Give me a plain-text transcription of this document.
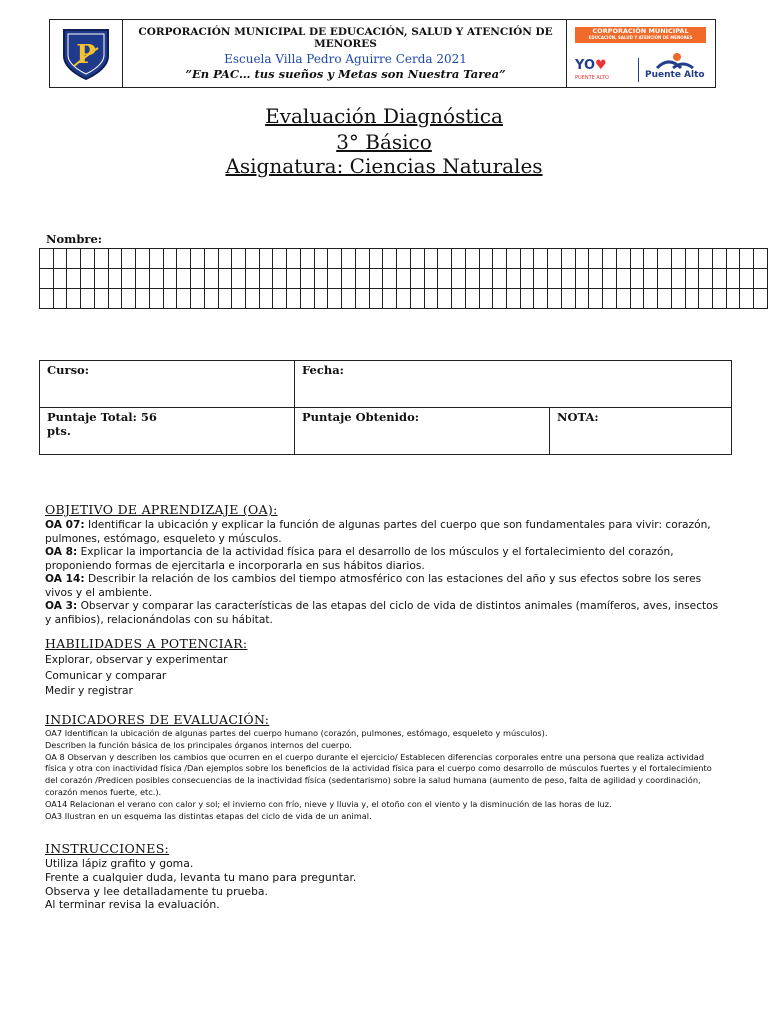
P
CORPORACIÓN MUNICIPAL DE EDUCACIÓN, SALUD Y ATENCIÓN DE MENORES
Escuela Villa Pedro Aguirre Cerda 2021
”En PAC… tus sueños y Metas son Nuestra Tarea”
CORPORACIÓN MUNICIPAL
EDUCACIÓN, SALUD Y ATENCIÓN DE MENORES
YO♥
PUENTE ALTO	Puente Alto
Evaluación Diagnóstica
3° Básico
Asignatura: Ciencias Naturales
Nombre:

Curso:	Fecha:	

Puntaje Total: 56
pts.	Puntaje Obtenido:	NOTA:
OBJETIVO DE APRENDIZAJE (OA):

OA 07: Identificar la ubicación y explicar la función de algunas partes del cuerpo que son fundamentales para vivir: corazón, pulmones, estómago, esqueleto y músculos.

OA 8: Explicar la importancia de la actividad física para el desarrollo de los músculos y el fortalecimiento del corazón, proponiendo formas de ejercitarla e incorporarla en sus hábitos diarios.

OA 14: Describir la relación de los cambios del tiempo atmosférico con las estaciones del año y sus efectos sobre los seres vivos y el ambiente.

OA 3: Observar y comparar las características de las etapas del ciclo de vida de distintos animales (mamíferos, aves, insectos y anfibios), relacionándolas con su hábitat.

HABILIDADES A POTENCIAR:
Explorar, observar y experimentar
Comunicar y comparar
Medir y registrar
INDICADORES DE EVALUACIÓN:

OA7 Identifican la ubicación de algunas partes del cuerpo humano (corazón, pulmones, estómago, esqueleto y músculos).

Describen la función básica de los principales órganos internos del cuerpo.

OA 8 Observan y describen los cambios que ocurren en el cuerpo durante el ejercicio/ Establecen diferencias corporales entre una persona que realiza actividad física y otra con inactividad física /Dan ejemplos sobre los beneficios de la actividad física para el cuerpo como desarrollo de músculos fuertes y el fortalecimiento del corazón /Predicen posibles consecuencias de la inactividad física (sedentarismo) sobre la salud humana (aumento de peso, falta de agilidad y coordinación, corazón menos fuerte, etc.).

OA14 Relacionan el verano con calor y sol; el invierno con frío, nieve y lluvia y, el otoño con el viento y la disminución de las horas de luz.

OA3 Ilustran en un esquema las distintas etapas del ciclo de vida de un animal.

INSTRUCCIONES:
Utiliza lápiz grafito y goma.
Frente a cualquier duda, levanta tu mano para preguntar.
Observa y lee detalladamente tu prueba.
Al terminar revisa la evaluación.
